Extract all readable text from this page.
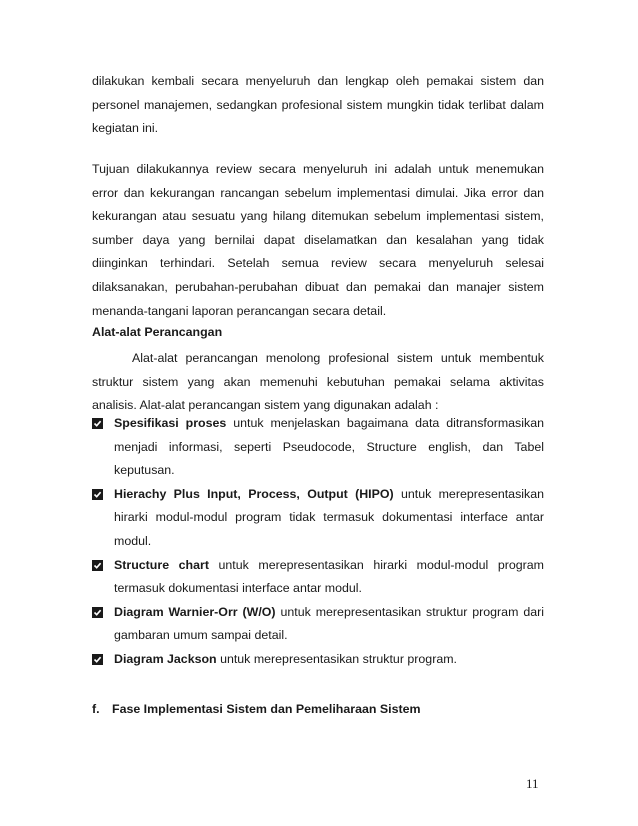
dilakukan kembali secara menyeluruh dan lengkap oleh pemakai sistem dan personel manajemen, sedangkan profesional sistem mungkin tidak terlibat dalam kegiatan ini.

Tujuan dilakukannya review secara menyeluruh ini adalah untuk menemukan error dan kekurangan rancangan sebelum implementasi dimulai. Jika error dan kekurangan atau sesuatu yang hilang ditemukan sebelum implementasi sistem, sumber daya yang bernilai dapat diselamatkan dan kesalahan yang tidak diinginkan terhindari. Setelah semua review secara menyeluruh selesai dilaksanakan, perubahan-perubahan dibuat dan pemakai dan manajer sistem menanda-tangani laporan perancangan secara detail.

Alat-alat Perancangan

Alat-alat perancangan menolong profesional sistem untuk membentuk struktur sistem yang akan memenuhi kebutuhan pemakai selama aktivitas analisis. Alat-alat perancangan sistem yang digunakan adalah :

Spesifikasi proses untuk menjelaskan bagaimana data ditransformasikan menjadi informasi, seperti Pseudocode, Structure english, dan Tabel keputusan.
Hierachy Plus Input, Process, Output (HIPO) untuk merepresentasikan hirarki modul-modul program tidak termasuk dokumentasi interface antar modul.
Structure chart untuk merepresentasikan hirarki modul-modul program termasuk dokumentasi interface antar modul.
Diagram Warnier-Orr (W/O) untuk merepresentasikan struktur program dari gambaran umum sampai detail.
Diagram Jackson untuk merepresentasikan struktur program.

f. Fase Implementasi Sistem dan Pemeliharaan Sistem

11
